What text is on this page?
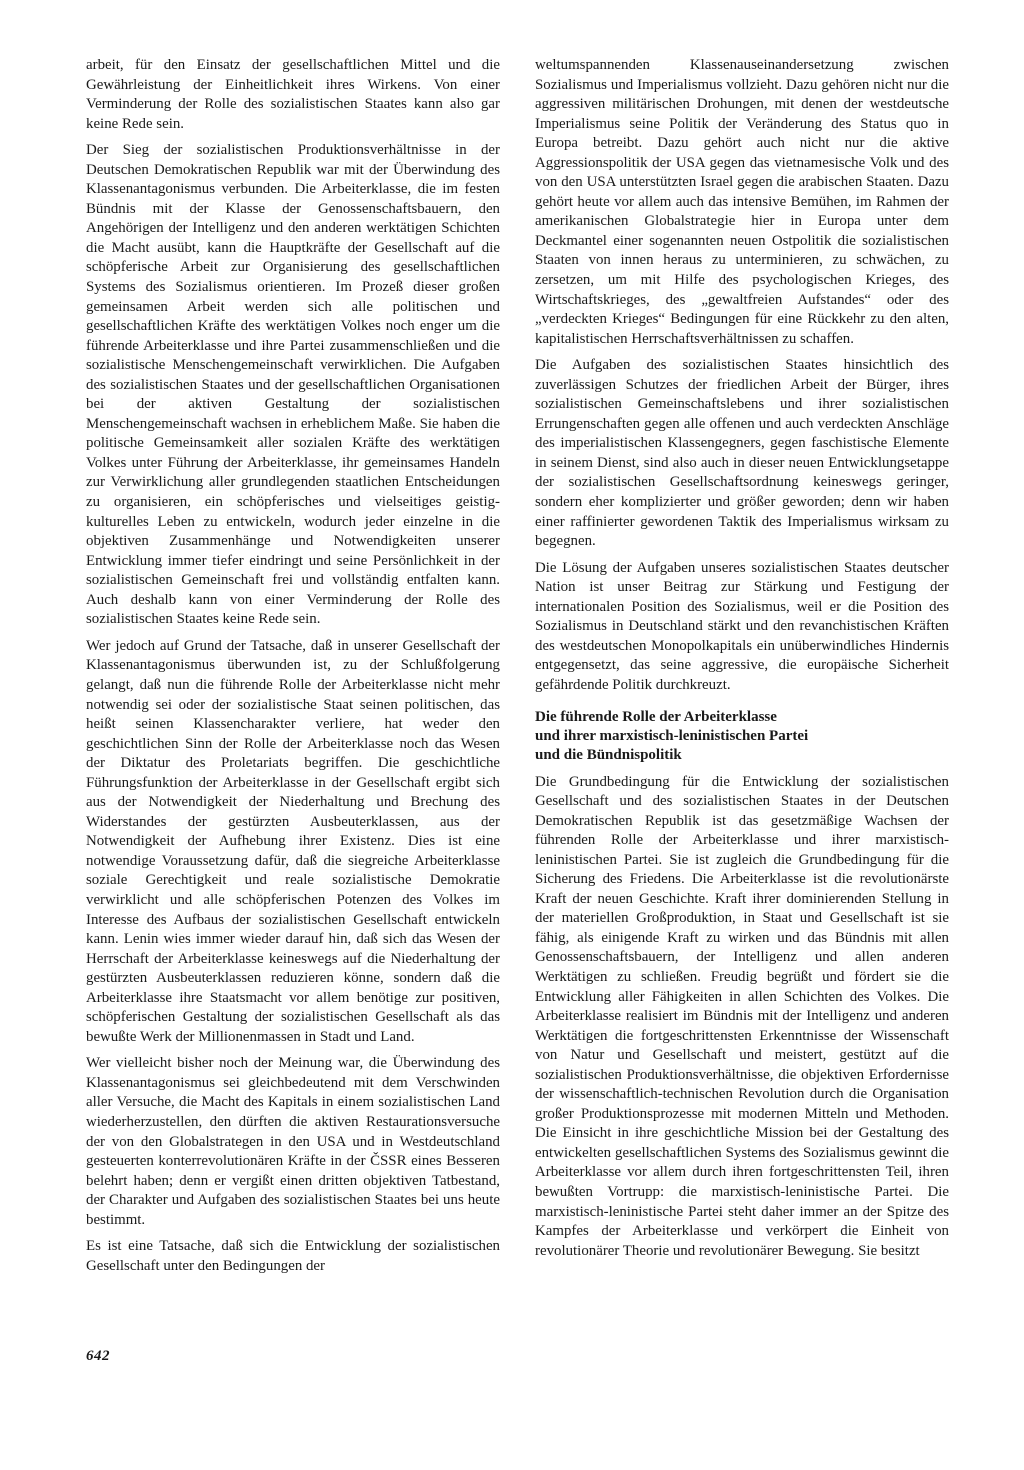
arbeit, für den Einsatz der gesellschaftlichen Mittel und die Gewährleistung der Einheitlichkeit ihres Wirkens. Von einer Verminderung der Rolle des sozialistischen Staates kann also gar keine Rede sein.

Der Sieg der sozialistischen Produktionsverhältnisse in der Deutschen Demokratischen Republik war mit der Überwindung des Klassenantagonismus verbunden. Die Arbeiterklasse, die im festen Bündnis mit der Klasse der Genossenschaftsbauern, den Angehörigen der Intelligenz und den anderen werktätigen Schichten die Macht ausübt, kann die Hauptkräfte der Gesellschaft auf die schöpferische Arbeit zur Organisierung des gesellschaftlichen Systems des Sozialismus orientieren. Im Prozeß dieser großen gemeinsamen Arbeit werden sich alle politischen und gesellschaftlichen Kräfte des werktätigen Volkes noch enger um die führende Arbeiterklasse und ihre Partei zusammenschließen und die sozialistische Menschengemeinschaft verwirklichen. Die Aufgaben des sozialistischen Staates und der gesellschaftlichen Organisationen bei der aktiven Gestaltung der sozialistischen Menschengemeinschaft wachsen in erheblichem Maße. Sie haben die politische Gemeinsamkeit aller sozialen Kräfte des werktätigen Volkes unter Führung der Arbeiterklasse, ihr gemeinsames Handeln zur Verwirklichung aller grundlegenden staatlichen Entscheidungen zu organisieren, ein schöpferisches und vielseitiges geistig-kulturelles Leben zu entwickeln, wodurch jeder einzelne in die objektiven Zusammenhänge und Notwendigkeiten unserer Entwicklung immer tiefer eindringt und seine Persönlichkeit in der sozialistischen Gemeinschaft frei und vollständig entfalten kann. Auch deshalb kann von einer Verminderung der Rolle des sozialistischen Staates keine Rede sein.

Wer jedoch auf Grund der Tatsache, daß in unserer Gesellschaft der Klassenantagonismus überwunden ist, zu der Schlußfolgerung gelangt, daß nun die führende Rolle der Arbeiterklasse nicht mehr notwendig sei oder der sozialistische Staat seinen politischen, das heißt seinen Klassencharakter verliere, hat weder den geschichtlichen Sinn der Rolle der Arbeiterklasse noch das Wesen der Diktatur des Proletariats begriffen. Die geschichtliche Führungsfunktion der Arbeiterklasse in der Gesellschaft ergibt sich aus der Notwendigkeit der Niederhaltung und Brechung des Widerstandes der gestürzten Ausbeuterklassen, aus der Notwendigkeit der Aufhebung ihrer Existenz. Dies ist eine notwendige Voraussetzung dafür, daß die siegreiche Arbeiterklasse soziale Gerechtigkeit und reale sozialistische Demokratie verwirklicht und alle schöpferischen Potenzen des Volkes im Interesse des Aufbaus der sozialistischen Gesellschaft entwickeln kann. Lenin wies immer wieder darauf hin, daß sich das Wesen der Herrschaft der Arbeiterklasse keineswegs auf die Niederhaltung der gestürzten Ausbeuterklassen reduzieren könne, sondern daß die Arbeiterklasse ihre Staatsmacht vor allem benötige zur positiven, schöpferischen Gestaltung der sozialistischen Gesellschaft als das bewußte Werk der Millionenmassen in Stadt und Land.

Wer vielleicht bisher noch der Meinung war, die Überwindung des Klassenantagonismus sei gleichbedeutend mit dem Verschwinden aller Versuche, die Macht des Kapitals in einem sozialistischen Land wiederherzustellen, den dürften die aktiven Restaurationsversuche der von den Globalstrategen in den USA und in Westdeutschland gesteuerten konterrevolutionären Kräfte in der ČSSR eines Besseren belehrt haben; denn er vergißt einen dritten objektiven Tatbestand, der Charakter und Aufgaben des sozialistischen Staates bei uns heute bestimmt.

Es ist eine Tatsache, daß sich die Entwicklung der sozialistischen Gesellschaft unter den Bedingungen der

weltumspannenden Klassenauseinandersetzung zwischen Sozialismus und Imperialismus vollzieht. Dazu gehören nicht nur die aggressiven militärischen Drohungen, mit denen der westdeutsche Imperialismus seine Politik der Veränderung des Status quo in Europa betreibt. Dazu gehört auch nicht nur die aktive Aggressionspolitik der USA gegen das vietnamesische Volk und des von den USA unterstützten Israel gegen die arabischen Staaten. Dazu gehört heute vor allem auch das intensive Bemühen, im Rahmen der amerikanischen Globalstrategie hier in Europa unter dem Deckmantel einer sogenannten neuen Ostpolitik die sozialistischen Staaten von innen heraus zu unterminieren, zu schwächen, zu zersetzen, um mit Hilfe des psychologischen Krieges, des Wirtschaftskrieges, des „gewaltfreien Aufstandes“ oder des „verdeckten Krieges“ Bedingungen für eine Rückkehr zu den alten, kapitalistischen Herrschaftsverhältnissen zu schaffen.

Die Aufgaben des sozialistischen Staates hinsichtlich des zuverlässigen Schutzes der friedlichen Arbeit der Bürger, ihres sozialistischen Gemeinschaftslebens und ihrer sozialistischen Errungenschaften gegen alle offenen und auch verdeckten Anschläge des imperialistischen Klassengegners, gegen faschistische Elemente in seinem Dienst, sind also auch in dieser neuen Entwicklungsetappe der sozialistischen Gesellschaftsordnung keineswegs geringer, sondern eher komplizierter und größer geworden; denn wir haben einer raffinierter gewordenen Taktik des Imperialismus wirksam zu begegnen.

Die Lösung der Aufgaben unseres sozialistischen Staates deutscher Nation ist unser Beitrag zur Stärkung und Festigung der internationalen Position des Sozialismus, weil er die Position des Sozialismus in Deutschland stärkt und den revanchistischen Kräften des westdeutschen Monopolkapitals ein unüberwindliches Hindernis entgegensetzt, das seine aggressive, die europäische Sicherheit gefährdende Politik durchkreuzt.

Die führende Rolle der Arbeiterklasse
und ihrer marxistisch-leninistischen Partei
und die Bündnispolitik

Die Grundbedingung für die Entwicklung der sozialistischen Gesellschaft und des sozialistischen Staates in der Deutschen Demokratischen Republik ist das gesetzmäßige Wachsen der führenden Rolle der Arbeiterklasse und ihrer marxistisch-leninistischen Partei. Sie ist zugleich die Grundbedingung für die Sicherung des Friedens. Die Arbeiterklasse ist die revolutionärste Kraft der neuen Geschichte. Kraft ihrer dominierenden Stellung in der materiellen Großproduktion, in Staat und Gesellschaft ist sie fähig, als einigende Kraft zu wirken und das Bündnis mit allen Genossenschaftsbauern, der Intelligenz und allen anderen Werktätigen zu schließen. Freudig begrüßt und fördert sie die Entwicklung aller Fähigkeiten in allen Schichten des Volkes. Die Arbeiterklasse realisiert im Bündnis mit der Intelligenz und anderen Werktätigen die fortgeschrittensten Erkenntnisse der Wissenschaft von Natur und Gesellschaft und meistert, gestützt auf die sozialistischen Produktionsverhältnisse, die objektiven Erfordernisse der wissenschaftlich-technischen Revolution durch die Organisation großer Produktionsprozesse mit modernen Mitteln und Methoden. Die Einsicht in ihre geschichtliche Mission bei der Gestaltung des entwickelten gesellschaftlichen Systems des Sozialismus gewinnt die Arbeiterklasse vor allem durch ihren fortgeschrittensten Teil, ihren bewußten Vortrupp: die marxistisch-leninistische Partei. Die marxistisch-leninistische Partei steht daher immer an der Spitze des Kampfes der Arbeiterklasse und verkörpert die Einheit von revolutionärer Theorie und revolutionärer Bewegung. Sie besitzt

642
